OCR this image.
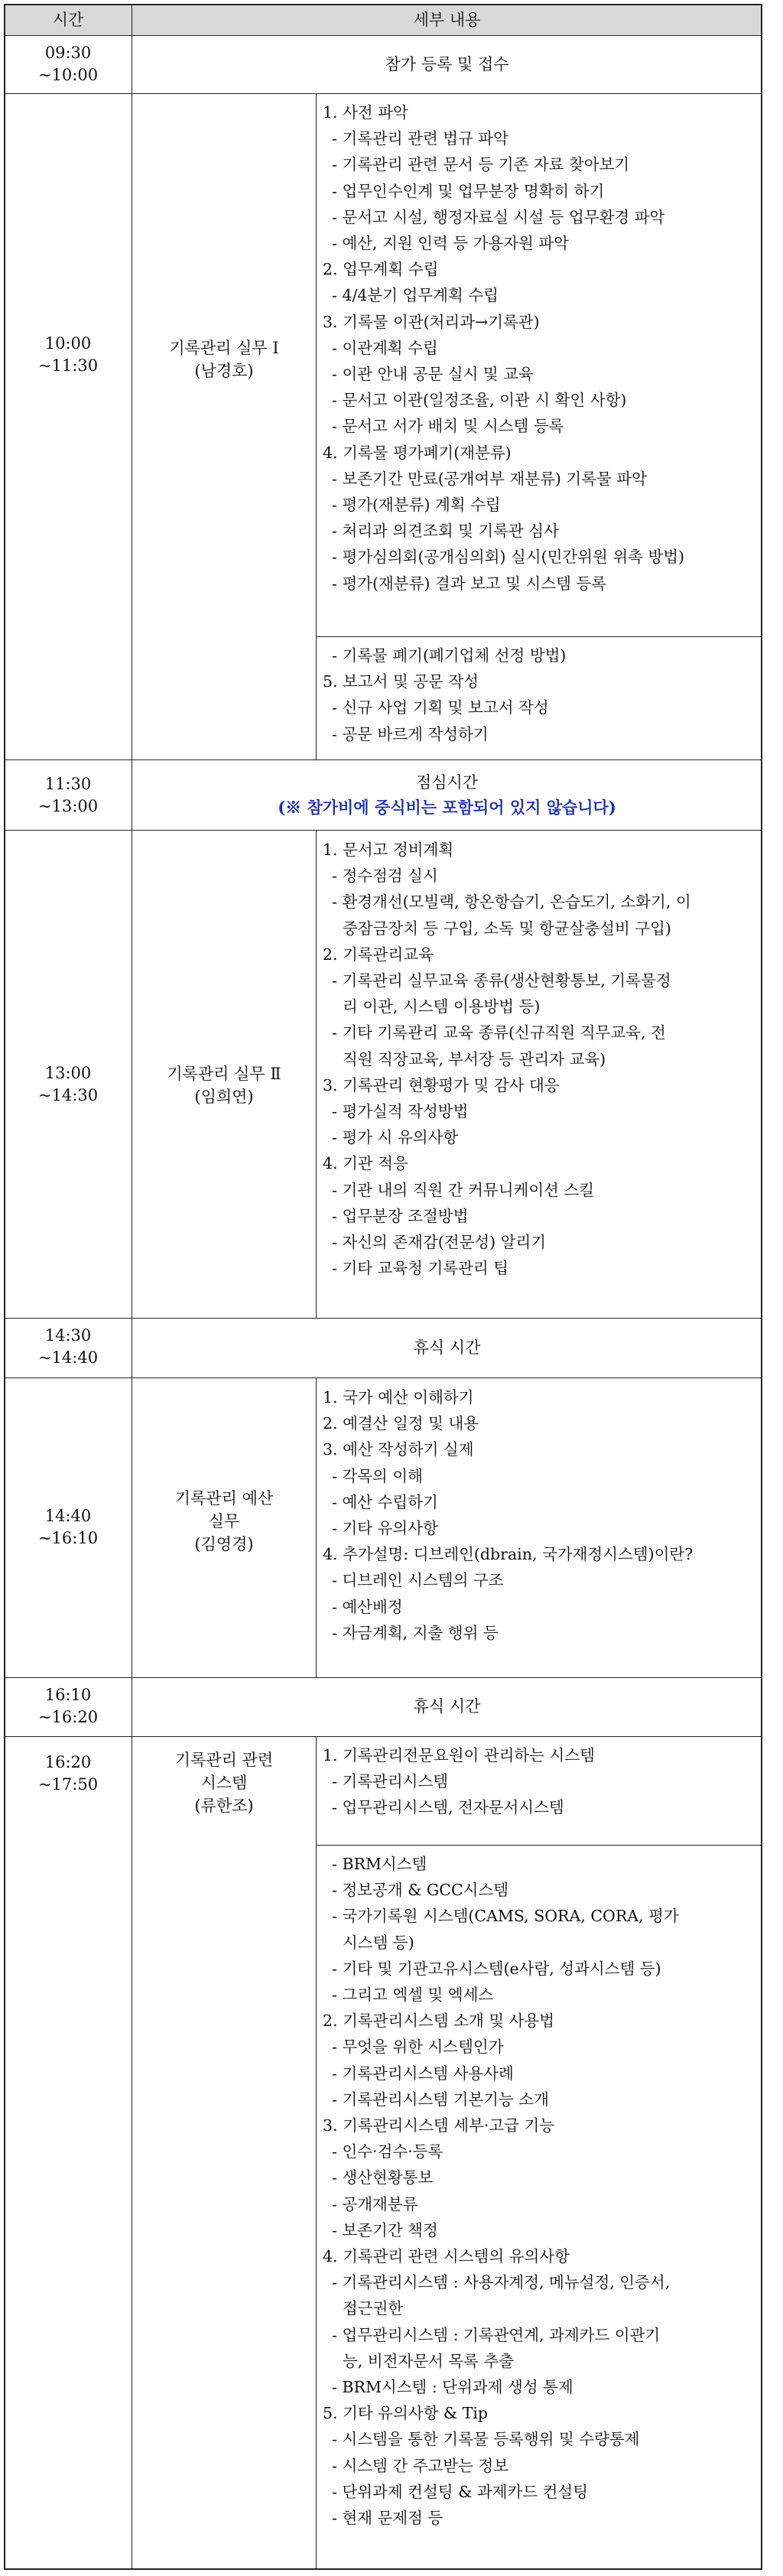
시간	세부 내용
09:30
~10:00
참가 등록 및 접수
10:00
~11:30
기록관리 실무 Ⅰ
(남경호)
1. 사전 파악
- 기록관리 관련 법규 파악
- 기록관리 관련 문서 등 기존 자료 찾아보기
- 업무인수인계 및 업무분장 명확히 하기
- 문서고 시설, 행정자료실 시설 등 업무환경 파악
- 예산, 지원 인력 등 가용자원 파악
2. 업무계획 수립
- 4/4분기 업무계획 수립
3. 기록물 이관(처리과→기록관)
- 이관계획 수립
- 이관 안내 공문 실시 및 교육
- 문서고 이관(일정조율, 이관 시 확인 사항)
- 문서고 서가 배치 및 시스템 등록
4. 기록물 평가폐기(재분류)
- 보존기간 만료(공개여부 재분류) 기록물 파악
- 평가(재분류) 계획 수립
- 처리과 의견조회 및 기록관 심사
- 평가심의회(공개심의회) 실시(민간위원 위촉 방법)
- 평가(재분류) 결과 보고 및 시스템 등록
- 기록물 폐기(폐기업체 선정 방법)
5. 보고서 및 공문 작성
- 신규 사업 기획 및 보고서 작성
- 공문 바르게 작성하기
11:30
~13:00
점심시간
(※ 참가비에 중식비는 포함되어 있지 않습니다)
13:00
~14:30
기록관리 실무 Ⅱ
(임희연)
1. 문서고 정비계획
- 정수점검 실시
- 환경개선(모빌랙, 항온항습기, 온습도기, 소화기, 이
중잠금장치 등 구입, 소독 및 항균살충설비 구입)
2. 기록관리교육
- 기록관리 실무교육 종류(생산현황통보, 기록물정
리 이관, 시스템 이용방법 등)
- 기타 기록관리 교육 종류(신규직원 직무교육, 전
직원 직장교육, 부서장 등 관리자 교육)
3. 기록관리 현황평가 및 감사 대응
- 평가실적 작성방법
- 평가 시 유의사항
4. 기관 적응
- 기관 내의 직원 간 커뮤니케이션 스킬
- 업무분장 조절방법
- 자신의 존재감(전문성) 알리기
- 기타 교육청 기록관리 팁
14:30
~14:40
휴식 시간
14:40
~16:10
기록관리 예산
실무
(김영경)
1. 국가 예산 이해하기
2. 예결산 일정 및 내용
3. 예산 작성하기 실제
- 각목의 이해
- 예산 수립하기
- 기타 유의사항
4. 추가설명: 디브레인(dbrain, 국가재정시스템)이란?
- 디브레인 시스템의 구조
- 예산배정
- 자금계획, 지출 행위 등
16:10
~16:20
휴식 시간
16:20
~17:50
기록관리 관련
시스템
(류한조)
1. 기록관리전문요원이 관리하는 시스템
- 기록관리시스템
- 업무관리시스템, 전자문서시스템
- BRM시스템
- 정보공개 & GCC시스템
- 국가기록원 시스템(CAMS, SORA, CORA, 평가
시스템 등)
- 기타 및 기관고유시스템(e사람, 성과시스템 등)
- 그리고 엑셀 및 엑세스
2. 기록관리시스템 소개 및 사용법
- 무엇을 위한 시스템인가
- 기록관리시스템 사용사례
- 기록관리시스템 기본기능 소개
3. 기록관리시스템 세부·고급 기능
- 인수·검수·등록
- 생산현황통보
- 공개재분류
- 보존기간 책정
4. 기록관리 관련 시스템의 유의사항
- 기록관리시스템 : 사용자계정, 메뉴설정, 인증서,
접근권한
- 업무관리시스템 : 기록관연계, 과제카드 이관기
능, 비전자문서 목록 추출
- BRM시스템 : 단위과제 생성 통제
5. 기타 유의사항 & Tip
- 시스템을 통한 기록물 등록행위 및 수량통제
- 시스템 간 주고받는 정보
- 단위과제 컨설팅 & 과제카드 컨설팅
- 현재 문제점 등
